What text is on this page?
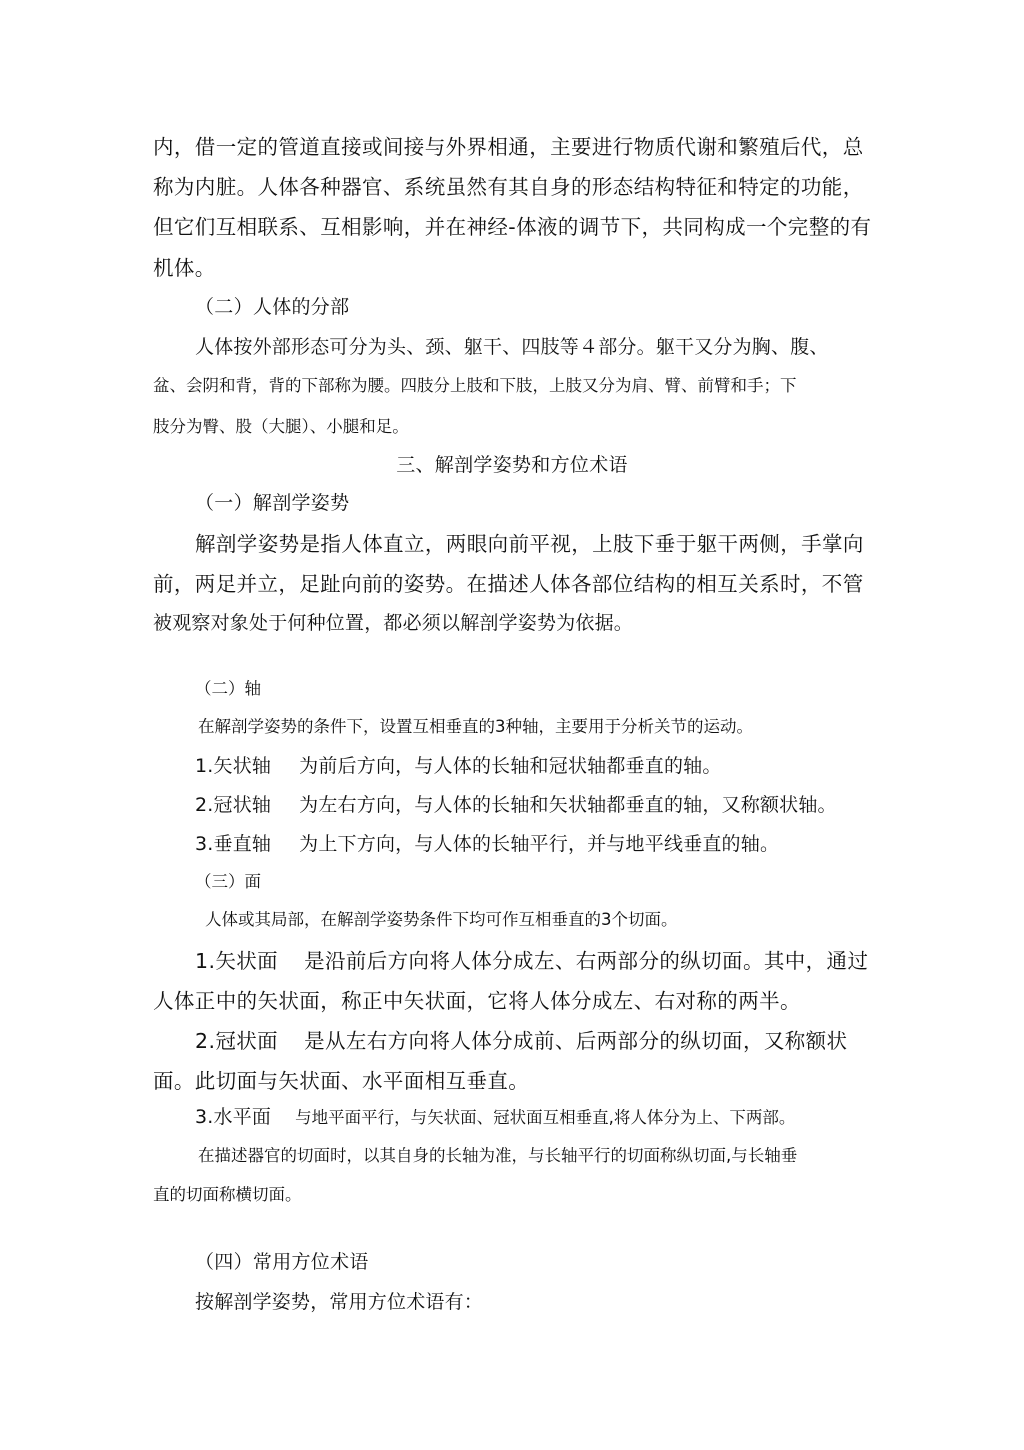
内，借一定的管道直接或间接与外界相通，主要进行物质代谢和繁殖后代，总
称为内脏。人体各种器官、系统虽然有其自身的形态结构特征和特定的功能，
但它们互相联系、互相影响，并在神经-体液的调节下，共同构成一个完整的有
机体。
（二）人体的分部
人体按外部形态可分为头、颈、躯干、四肢等４部分。躯干又分为胸、腹、
盆、会阴和背，背的下部称为腰。四肢分上肢和下肢，上肢又分为肩、臂、前臂和手；下
肢分为臀、股（大腿）、小腿和足。
三、解剖学姿势和方位术语
（一）解剖学姿势
解剖学姿势是指人体直立，两眼向前平视，上肢下垂于躯干两侧，手掌向
前，两足并立，足趾向前的姿势。在描述人体各部位结构的相互关系时，不管
被观察对象处于何种位置，都必须以解剖学姿势为依据。
（二）轴
在解剖学姿势的条件下，设置互相垂直的3种轴，主要用于分析关节的运动。
1.矢状轴 为前后方向，与人体的长轴和冠状轴都垂直的轴。
2.冠状轴 为左右方向，与人体的长轴和矢状轴都垂直的轴，又称额状轴。
3.垂直轴 为上下方向，与人体的长轴平行，并与地平线垂直的轴。
（三）面
人体或其局部，在解剖学姿势条件下均可作互相垂直的3个切面。
1.矢状面 是沿前后方向将人体分成左、右两部分的纵切面。其中，通过
人体正中的矢状面，称正中矢状面，它将人体分成左、右对称的两半。
2.冠状面 是从左右方向将人体分成前、后两部分的纵切面，又称额状
面。此切面与矢状面、水平面相互垂直。
3.水平面 与地平面平行，与矢状面、冠状面互相垂直,将人体分为上、下两部。
在描述器官的切面时，以其自身的长轴为准，与长轴平行的切面称纵切面,与长轴垂
直的切面称横切面。
（四）常用方位术语
按解剖学姿势，常用方位术语有：
